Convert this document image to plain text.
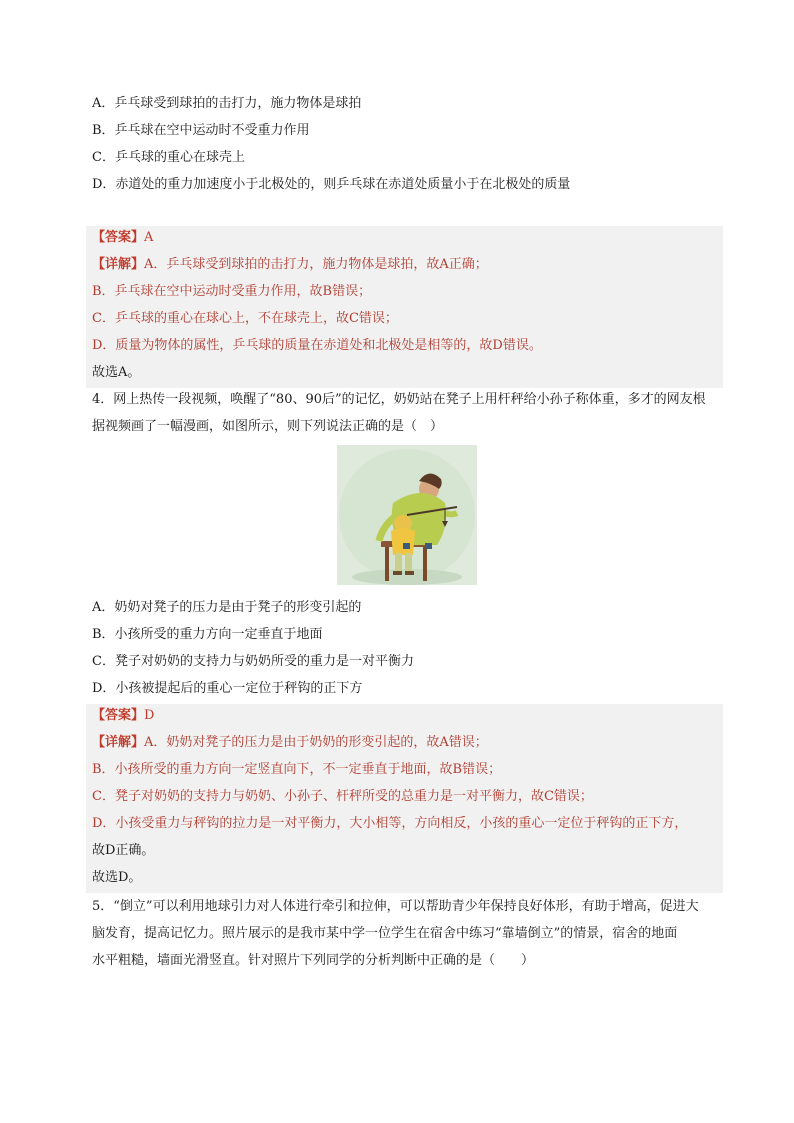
A．乒乓球受到球拍的击打力，施力物体是球拍
B．乒乓球在空中运动时不受重力作用
C．乒乓球的重心在球壳上
D．赤道处的重力加速度小于北极处的，则乒乓球在赤道处质量小于在北极处的质量
【答案】A
【详解】A．乒乓球受到球拍的击打力，施力物体是球拍，故A正确；
B．乒乓球在空中运动时受重力作用，故B错误；
C．乒乓球的重心在球心上，不在球壳上，故C错误；
D．质量为物体的属性，乒乓球的质量在赤道处和北极处是相等的，故D错误。
故选A。
4．网上热传一段视频，唤醒了“80、90后”的记忆，奶奶站在凳子上用杆秤给小孙子称体重，多才的网友根
据视频画了一幅漫画，如图所示，则下列说法正确的是（　）
A．奶奶对凳子的压力是由于凳子的形变引起的
B．小孩所受的重力方向一定垂直于地面
C．凳子对奶奶的支持力与奶奶所受的重力是一对平衡力
D．小孩被提起后的重心一定位于秤钩的正下方
【答案】D
【详解】A．奶奶对凳子的压力是由于奶奶的形变引起的，故A错误；
B．小孩所受的重力方向一定竖直向下，不一定垂直于地面，故B错误；
C．凳子对奶奶的支持力与奶奶、小孙子、杆秤所受的总重力是一对平衡力，故C错误；
D．小孩受重力与秤钩的拉力是一对平衡力，大小相等，方向相反，小孩的重心一定位于秤钩的正下方，
故D正确。
故选D。
5．“倒立”可以利用地球引力对人体进行牵引和拉伸，可以帮助青少年保持良好体形，有助于增高，促进大
脑发育，提高记忆力。照片展示的是我市某中学一位学生在宿舍中练习“靠墙倒立”的情景，宿舍的地面
水平粗糙，墙面光滑竖直。针对照片下列同学的分析判断中正确的是（　　）
